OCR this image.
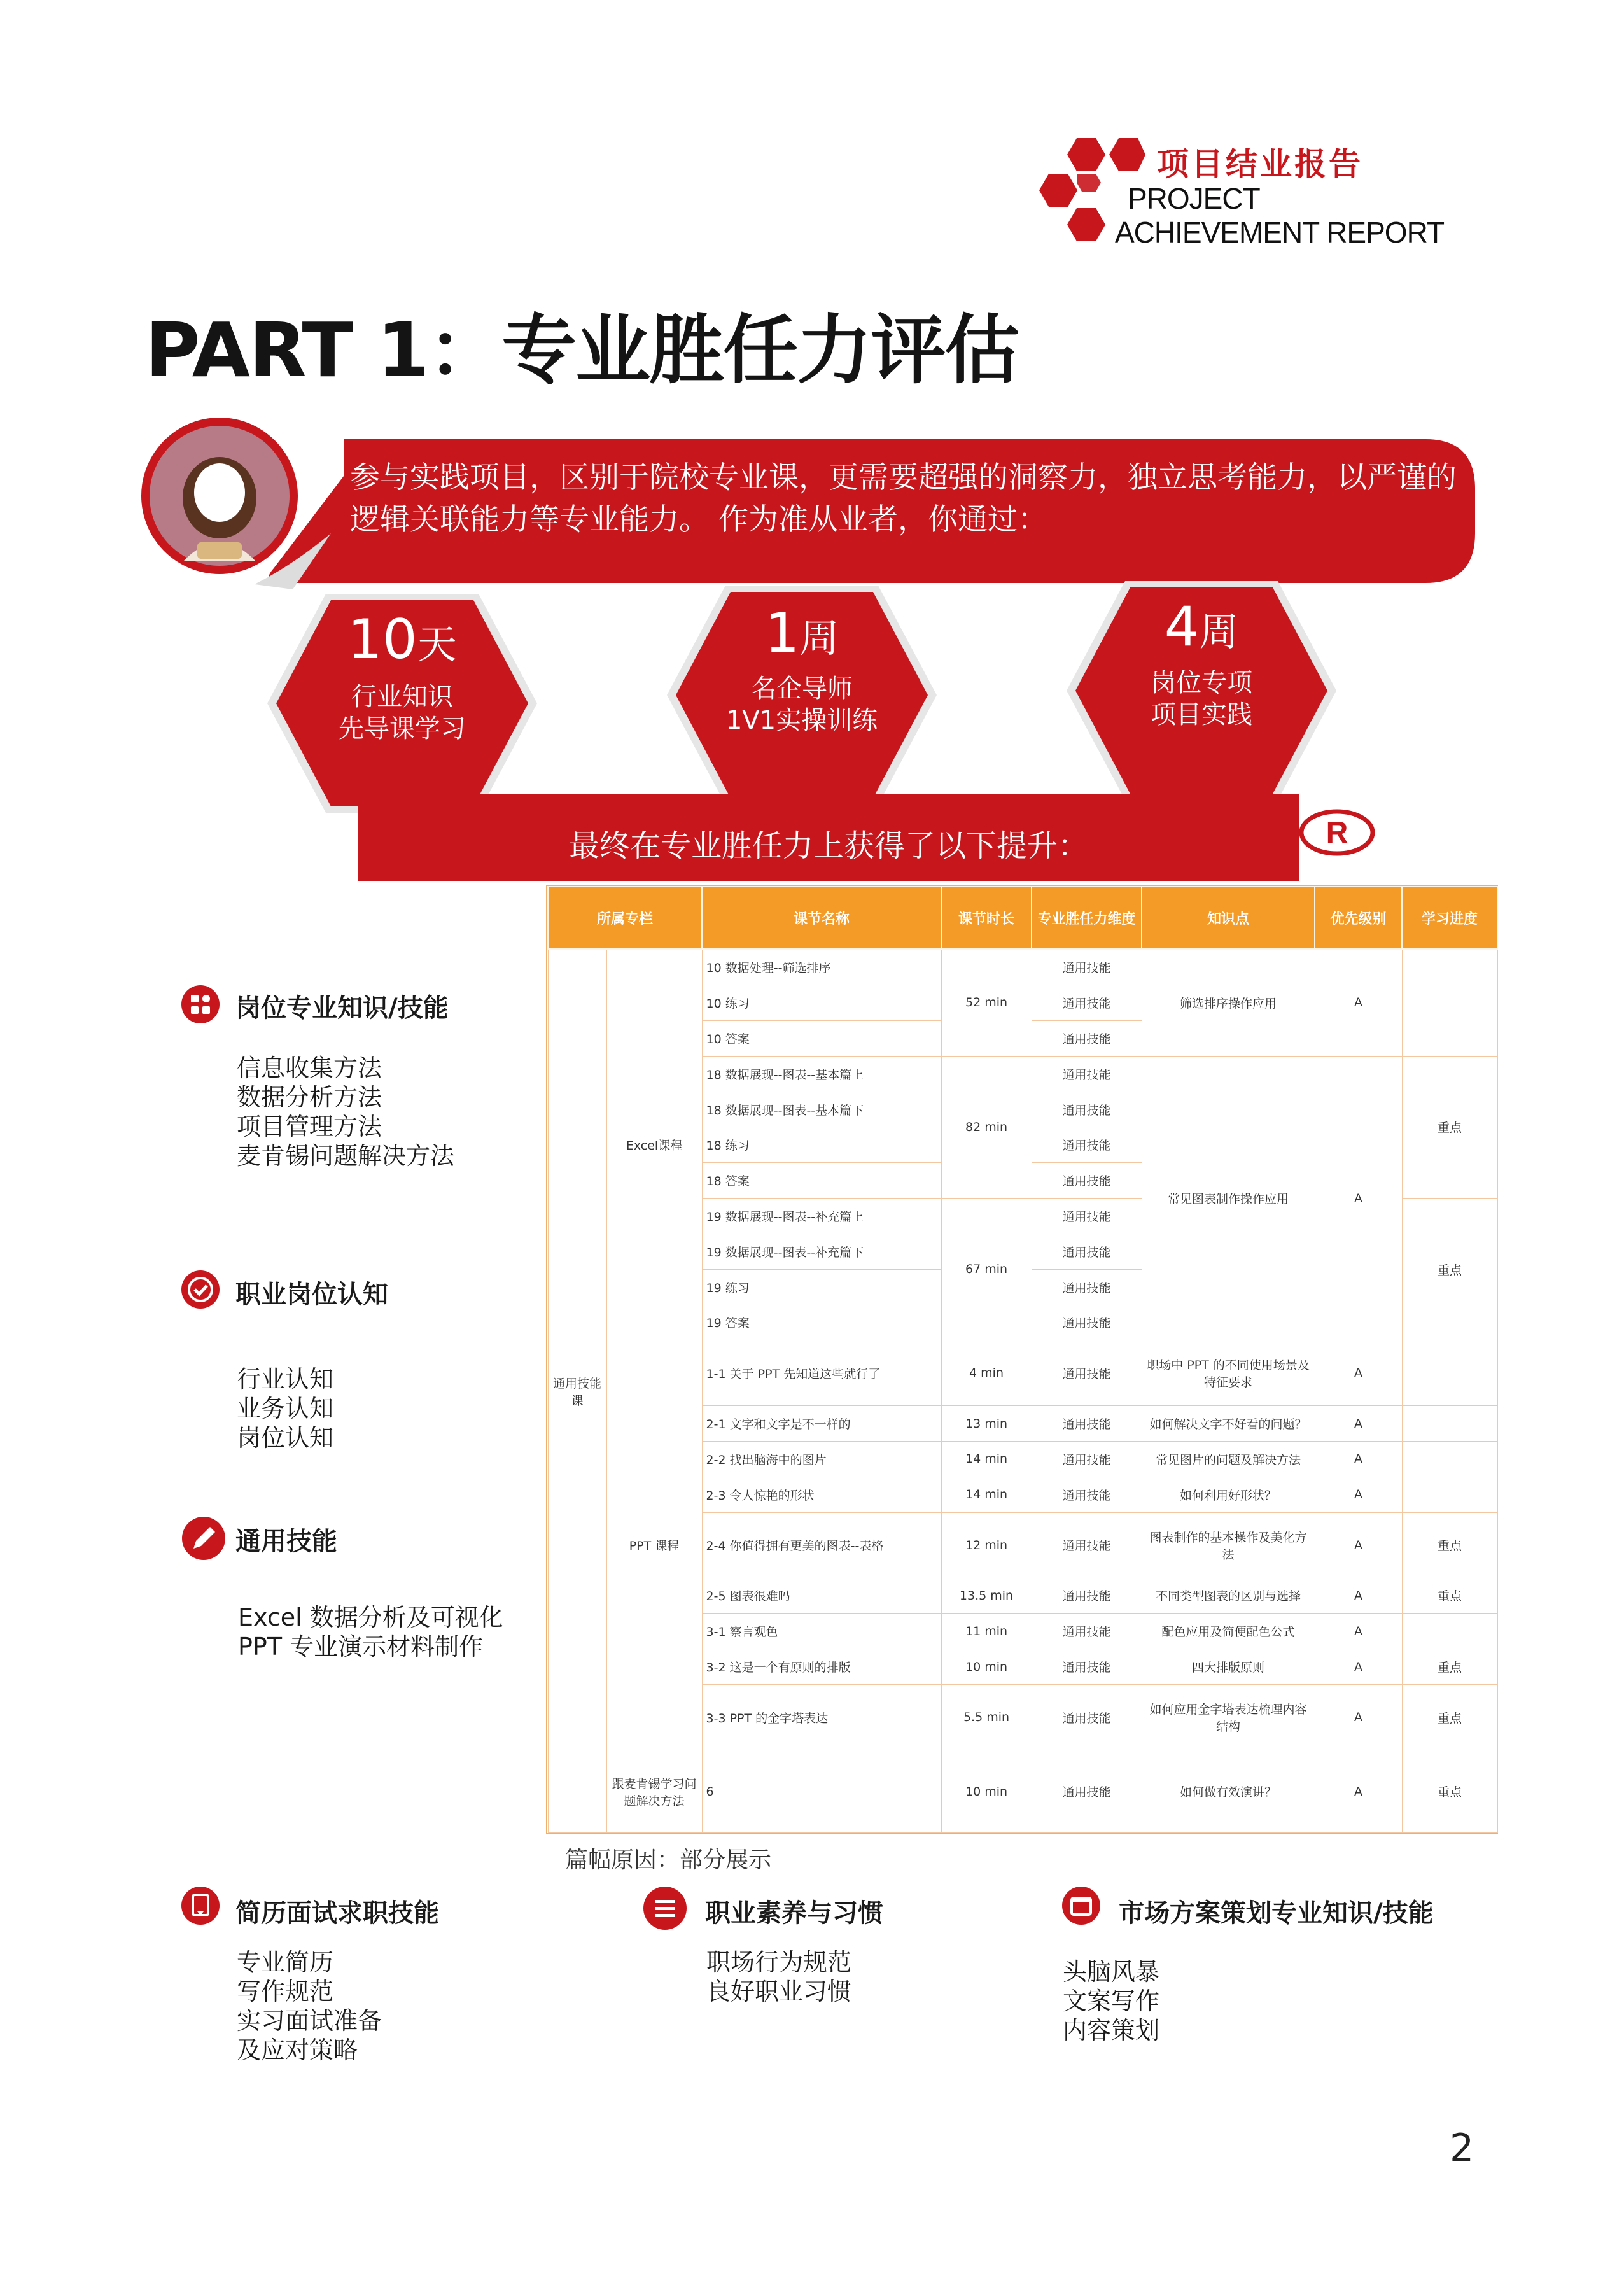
项目结业报告
PROJECT
ACHIEVEMENT REPORT
PART 1：专业胜任力评估
参与实践项目，区别于院校专业课，更需要超强的洞察力，独立思考能力，以严谨的逻辑关联能力等专业能力。 作为准从业者，你通过：
10天
行业知识
先导课学习
1周
名企导师
1V1实操训练
4周
岗位专项
项目实践
最终在专业胜任力上获得了以下提升：	R
所属专栏		课节名称	课节时长	专业胜任力维度	知识点	优先级别	学习进度
通用技能课	Excel课程	10 数据处理--筛选排序	52 min	通用技能	筛选排序操作应用	A	
		10 练习		通用技能			
		10 答案		通用技能			
		18 数据展现--图表--基本篇上	82 min	通用技能	常见图表制作操作应用	A	重点
		18 数据展现--图表--基本篇下		通用技能			
		18 练习		通用技能			
		18 答案		通用技能			
		19 数据展现--图表--补充篇上	67 min	通用技能			重点
		19 数据展现--图表--补充篇下		通用技能			
		19 练习		通用技能			
		19 答案		通用技能			
	PPT 课程	1-1 关于 PPT 先知道这些就行了	4 min	通用技能	职场中 PPT 的不同使用场景及特征要求	A	
		2-1 文字和文字是不一样的	13 min	通用技能	如何解决文字不好看的问题？	A	
		2-2 找出脑海中的图片	14 min	通用技能	常见图片的问题及解决方法	A	
		2-3 令人惊艳的形状	14 min	通用技能	如何利用好形状？	A	
		2-4 你值得拥有更美的图表--表格	12 min	通用技能	图表制作的基本操作及美化方法	A	重点
		2-5 图表很难吗	13.5 min	通用技能	不同类型图表的区别与选择	A	重点
		3-1 察言观色	11 min	通用技能	配色应用及简便配色公式	A	
		3-2 这是一个有原则的排版	10 min	通用技能	四大排版原则	A	重点
		3-3 PPT 的金字塔表达	5.5 min	通用技能	如何应用金字塔表达梳理内容结构	A	重点
	跟麦肯锡学习问题解决方法	6	10 min	通用技能	如何做有效演讲？	A	重点
篇幅原因：部分展示
岗位专业知识/技能
信息收集方法
数据分析方法
项目管理方法
麦肯锡问题解决方法
职业岗位认知
行业认知
业务认知
岗位认知
通用技能
Excel 数据分析及可视化
PPT 专业演示材料制作
简历面试求职技能
专业简历
写作规范
实习面试准备
及应对策略
职业素养与习惯
职场行为规范
良好职业习惯
市场方案策划专业知识/技能
头脑风暴
文案写作
内容策划
2
